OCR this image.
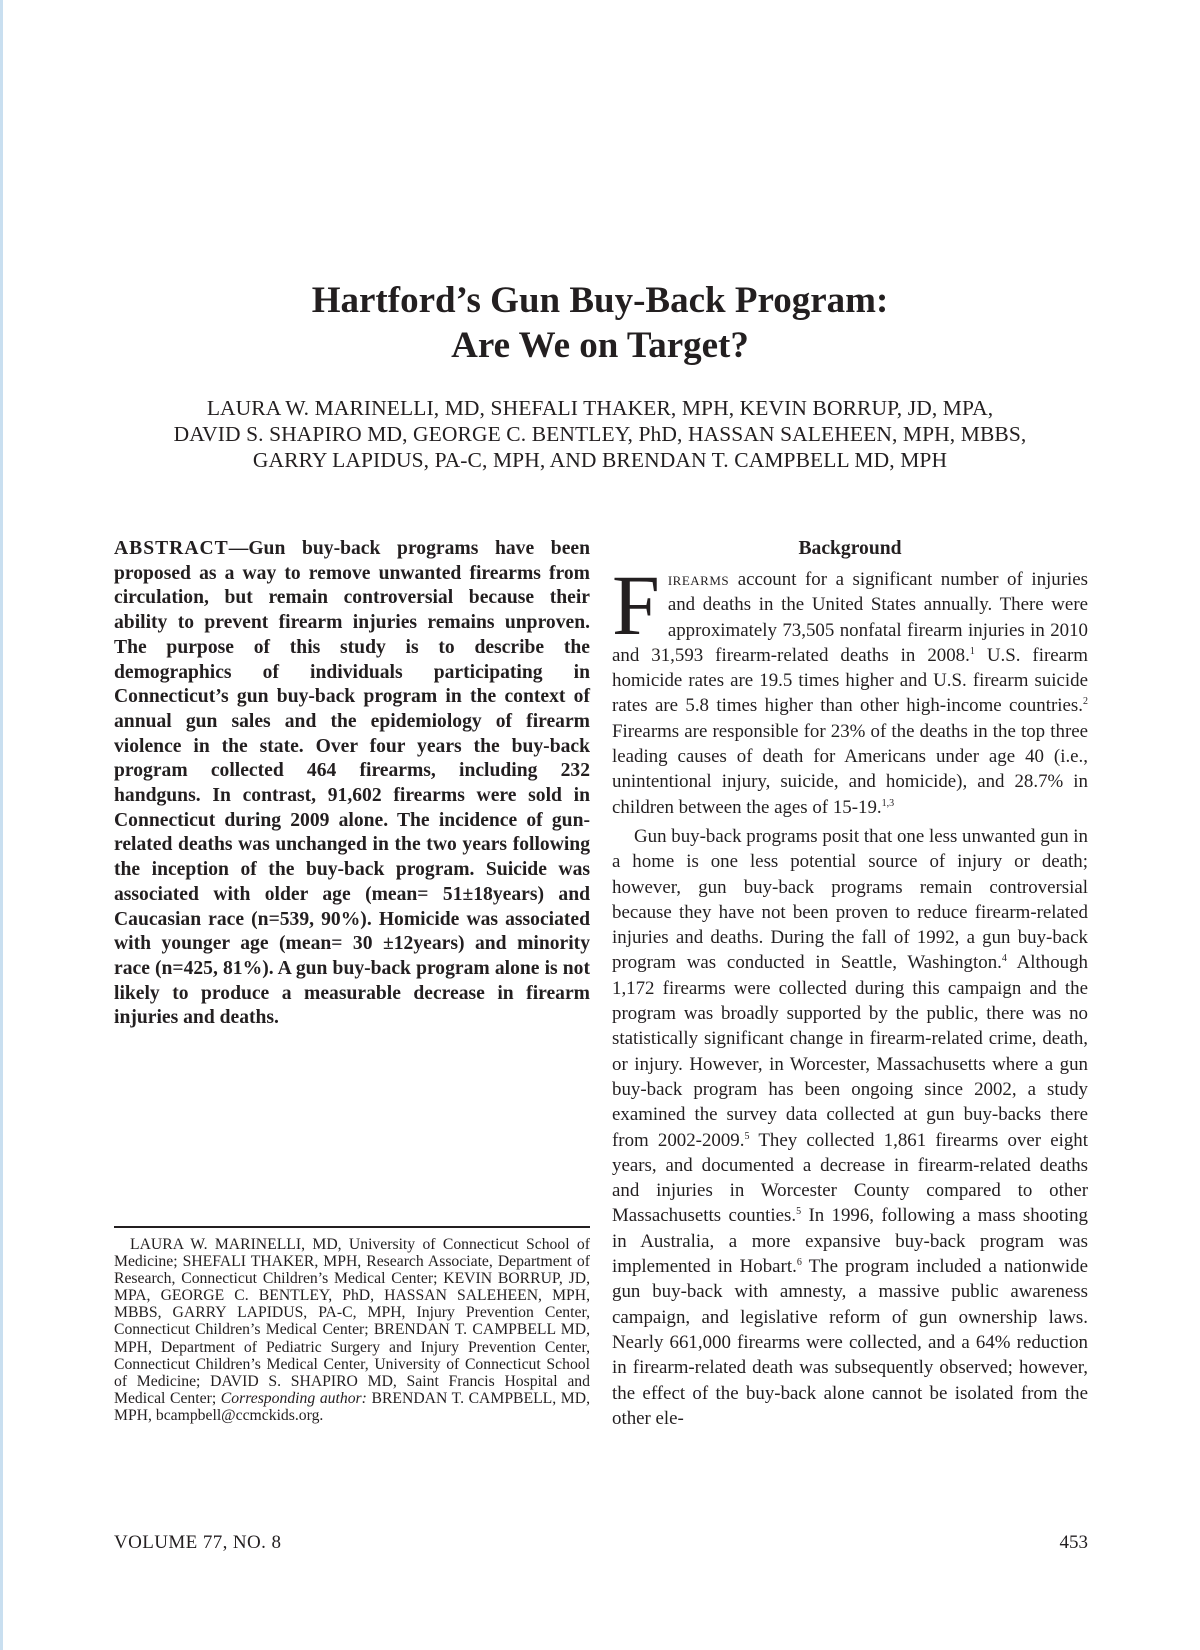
Hartford’s Gun Buy-Back Program:
Are We on Target?

LAURA W. MARINELLI, MD, SHEFALI THAKER, MPH, KEVIN BORRUP, JD, MPA,
DAVID S. SHAPIRO MD, GEORGE C. BENTLEY, PhD, HASSAN SALEHEEN, MPH, MBBS,
GARRY LAPIDUS, PA-C, MPH, AND BRENDAN T. CAMPBELL MD, MPH

ABSTRACT—Gun buy-back programs have been proposed as a way to remove unwanted firearms from circulation, but remain controversial because their ability to prevent firearm injuries remains unproven. The purpose of this study is to describe the demographics of individuals participating in Connecticut’s gun buy-back program in the context of annual gun sales and the epidemiology of firearm violence in the state. Over four years the buy-back program collected 464 firearms, including 232 handguns. In contrast, 91,602 firearms were sold in Connecticut during 2009 alone. The incidence of gun-related deaths was unchanged in the two years following the inception of the buy-back program. Suicide was associated with older age (mean= 51±18years) and Caucasian race (n=539, 90%). Homicide was associated with younger age (mean= 30 ±12years) and minority race (n=425, 81%). A gun buy-back program alone is not likely to produce a measurable decrease in firearm injuries and deaths.

LAURA W. MARINELLI, MD, University of Connecticut School of Medicine; SHEFALI THAKER, MPH, Research Associate, Department of Research, Connecticut Children’s Medical Center; KEVIN BORRUP, JD, MPA, GEORGE C. BENTLEY, PhD, HASSAN SALEHEEN, MPH, MBBS, GARRY LAPIDUS, PA-C, MPH, Injury Prevention Center, Connecticut Children’s Medical Center; BRENDAN T. CAMPBELL MD, MPH, Department of Pediatric Surgery and Injury Prevention Center, Connecticut Children’s Medical Center, University of Connecticut School of Medicine; DAVID S. SHAPIRO MD, Saint Francis Hospital and Medical Center; Corresponding author: BRENDAN T. CAMPBELL, MD, MPH, bcampbell@ccmckids.org.

Background

Firearms account for a significant number of injuries and deaths in the United States annually. There were approximately 73,505 nonfatal firearm injuries in 2010 and 31,593 firearm-related deaths in 2008.$^1$ U.S. firearm homicide rates are 19.5 times higher and U.S. firearm suicide rates are 5.8 times higher than other high-income countries.$^2$ Firearms are responsible for 23% of the deaths in the top three leading causes of death for Americans under age 40 (i.e., unintentional injury, suicide, and homicide), and 28.7% in children between the ages of 15-19.$^{1,3}$

Gun buy-back programs posit that one less unwanted gun in a home is one less potential source of injury or death; however, gun buy-back programs remain controversial because they have not been proven to reduce firearm-related injuries and deaths. During the fall of 1992, a gun buy-back program was conducted in Seattle, Washington.$^4$ Although 1,172 firearms were collected during this campaign and the program was broadly supported by the public, there was no statistically significant change in firearm-related crime, death, or injury. However, in Worcester, Massachusetts where a gun buy-back program has been ongoing since 2002, a study examined the survey data collected at gun buy-backs there from 2002-2009.$^5$ They collected 1,861 firearms over eight years, and documented a decrease in firearm-related deaths and injuries in Worcester County compared to other Massachusetts counties.$^5$ In 1996, following a mass shooting in Australia, a more expansive buy-back program was implemented in Hobart.$^6$ The program included a nationwide gun buy-back with amnesty, a massive public awareness campaign, and legislative reform of gun ownership laws. Nearly 661,000 firearms were collected, and a 64% reduction in firearm-related death was subsequently observed; however, the effect of the buy-back alone cannot be isolated from the other ele-

VOLUME 77, NO. 8	453
